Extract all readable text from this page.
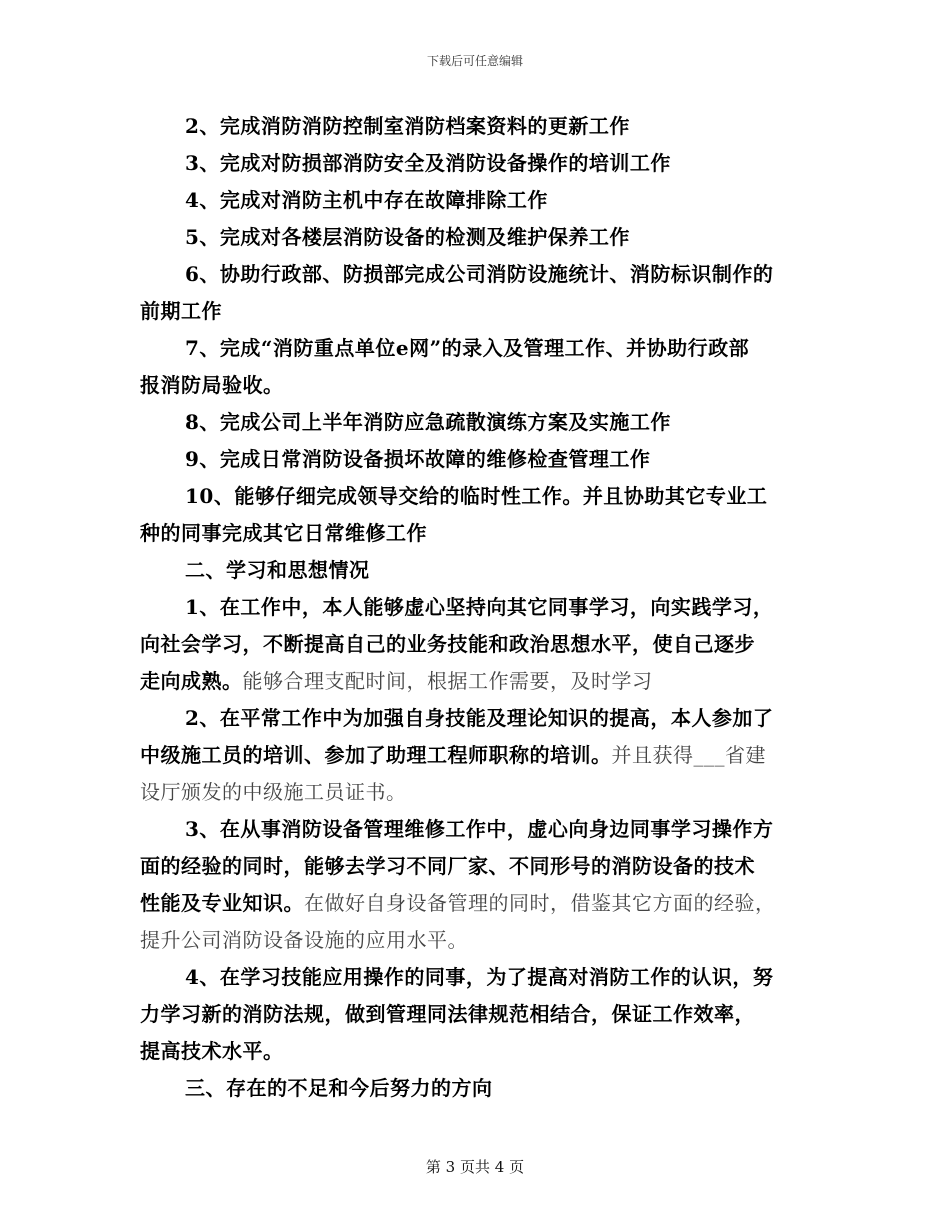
下载后可任意编辑
2、完成消防消防控制室消防档案资料的更新工作
3、完成对防损部消防安全及消防设备操作的培训工作
4、完成对消防主机中存在故障排除工作
5、完成对各楼层消防设备的检测及维护保养工作
6、协助行政部、防损部完成公司消防设施统计、消防标识制作的
前期工作
7、完成“消防重点单位e网”的录入及管理工作、并协助行政部
报消防局验收。
8、完成公司上半年消防应急疏散演练方案及实施工作
9、完成日常消防设备损坏故障的维修检查管理工作
10、能够仔细完成领导交给的临时性工作。并且协助其它专业工
种的同事完成其它日常维修工作
二、学习和思想情况
1、在工作中，本人能够虚心坚持向其它同事学习，向实践学习，
向社会学习，不断提高自己的业务技能和政治思想水平，使自己逐步
走向成熟。能够合理支配时间，根据工作需要，及时学习
2、在平常工作中为加强自身技能及理论知识的提高，本人参加了
中级施工员的培训、参加了助理工程师职称的培训。并且获得___省建
设厅颁发的中级施工员证书。
3、在从事消防设备管理维修工作中，虚心向身边同事学习操作方
面的经验的同时，能够去学习不同厂家、不同形号的消防设备的技术
性能及专业知识。在做好自身设备管理的同时，借鉴其它方面的经验，
提升公司消防设备设施的应用水平。
4、在学习技能应用操作的同事，为了提高对消防工作的认识，努
力学习新的消防法规，做到管理同法律规范相结合，保证工作效率，
提高技术水平。
三、存在的不足和今后努力的方向
第 3 页共 4 页
